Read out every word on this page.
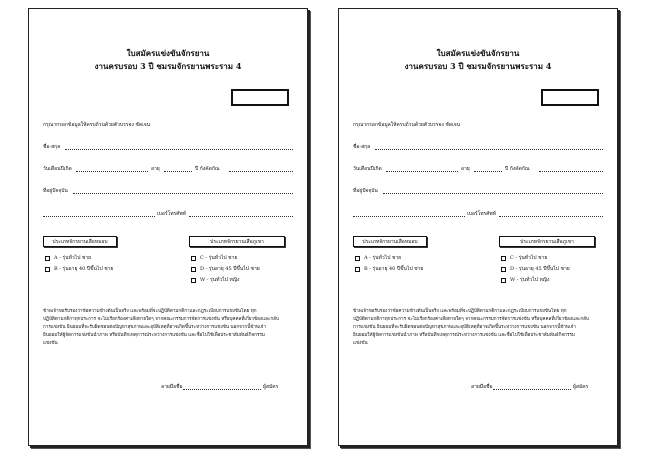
ใบสมัครแข่งขันจักรยาน
งานครบรอบ 3 ปี ชมรมจักรยานพระราม 4
กรุณากรอกข้อมูลให้ครบถ้วนด้วยตัวบรรจง ชัดเจน
ชื่อ-สกุล
วันเดือนปีเกิด	อายุ	ปี กังคัดกัณ
ที่อยู่ปัจจุบัน
เบอร์โทรศัพท์
ประเภทจักรยานเสือหมอบ	ประเภทจักรยานเสือภูเขา
A - รุ่นทั่วไป ชาย
B - รุ่นอายุ 40 ปีขึ้นไป ชาย
C - รุ่นทั่วไป ชาย
D - รุ่นอายุ 45 ปีขึ้นไป ชาย
W - รุ่นทั่วไป หญิง
ข้าพเจ้าขอรับรองว่าข้อความข้างต้นเป็นจริง และพร้อมที่จะปฏิบัติตามกติกาและกฎระเบียบการแข่งขันโดย ทุก
ปฏิบัติตามกติกาทุกประการ จะไม่เรียกร้องค่าเสียหายใดๆ จากคณะกรรมการจัดการแข่งขัน หรือบุคคลที่เกี่ยวข้องและกลับ
การแข่งขัน ยินยอมที่จะรับผิดชอบต่อปัญหาสุขภาพและอุบัติเหตุที่อาจเกิดขึ้นระหว่างการแข่งขัน นอกจากนี้ข้าพเจ้า
ยินยอมให้ผู้จัดการแข่งขันนำภาพ หรือบันทึกเหตุการณ์ระหว่างการแข่งขัน และชื่อไปใช้เพื่อประชาสัมพันธ์กิจกรรม
แข่งขัน
ลายมือชื่อ	ผู้สมัคร
ใบสมัครแข่งขันจักรยาน
งานครบรอบ 3 ปี ชมรมจักรยานพระราม 4
กรุณากรอกข้อมูลให้ครบถ้วนด้วยตัวบรรจง ชัดเจน
ชื่อ-สกุล
วันเดือนปีเกิด	อายุ	ปี กังคัดกัณ
ที่อยู่ปัจจุบัน
เบอร์โทรศัพท์
ประเภทจักรยานเสือหมอบ	ประเภทจักรยานเสือภูเขา
A - รุ่นทั่วไป ชาย
B - รุ่นอายุ 40 ปีขึ้นไป ชาย
C - รุ่นทั่วไป ชาย
D - รุ่นอายุ 45 ปีขึ้นไป ชาย
W - รุ่นทั่วไป หญิง
ข้าพเจ้าขอรับรองว่าข้อความข้างต้นเป็นจริง และพร้อมที่จะปฏิบัติตามกติกาและกฎระเบียบการแข่งขันโดย ทุก
ปฏิบัติตามกติกาทุกประการ จะไม่เรียกร้องค่าเสียหายใดๆ จากคณะกรรมการจัดการแข่งขัน หรือบุคคลที่เกี่ยวข้องและกลับ
การแข่งขัน ยินยอมที่จะรับผิดชอบต่อปัญหาสุขภาพและอุบัติเหตุที่อาจเกิดขึ้นระหว่างการแข่งขัน นอกจากนี้ข้าพเจ้า
ยินยอมให้ผู้จัดการแข่งขันนำภาพ หรือบันทึกเหตุการณ์ระหว่างการแข่งขัน และชื่อไปใช้เพื่อประชาสัมพันธ์กิจกรรม
แข่งขัน
ลายมือชื่อ	ผู้สมัคร
